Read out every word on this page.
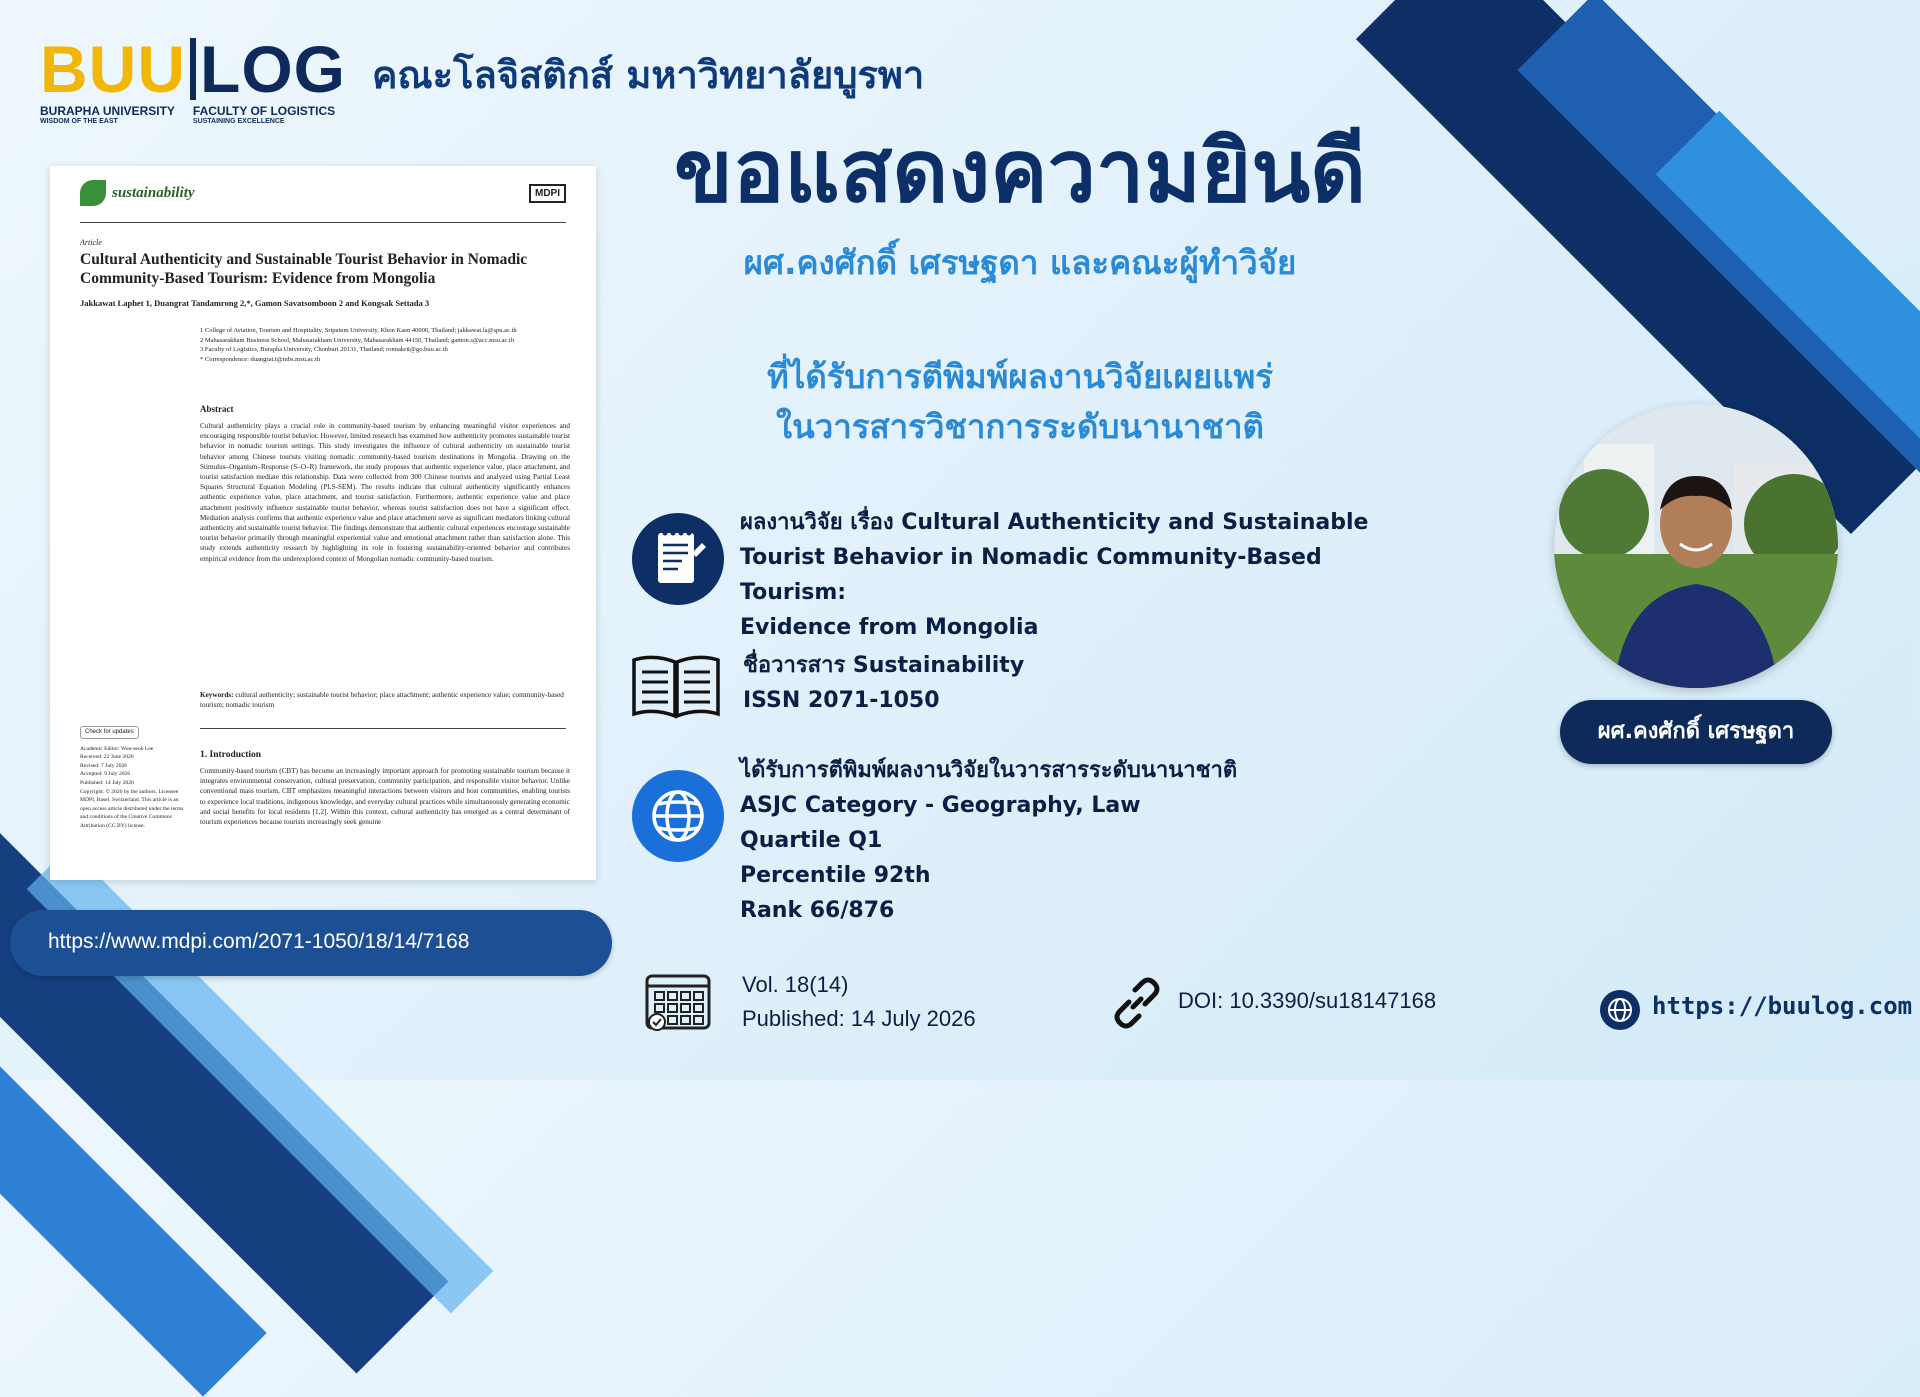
BUU LOG
BURAPHA UNIVERSITY
WISDOM OF THE EAST
FACULTY OF LOGISTICS
SUSTAINING EXCELLENCE
คณะโลจิสติกส์ มหาวิทยาลัยบูรพา
sustainability	MDPI
Article
Cultural Authenticity and Sustainable Tourist Behavior in Nomadic Community-Based Tourism: Evidence from Mongolia
Jakkawat Laphet 1, Duangrat Tandamrong 2,*, Gamon Savatsomboon 2 and Kongsak Settada 3
1 College of Aviation, Tourism and Hospitality, Sripatum University, Khon Kaen 40000, Thailand; jakkawat.la@spu.ac.th
2 Mahasarakham Business School, Mahasarakham University, Mahasarakham 44150, Thailand; gamon.s@acc.msu.ac.th
3 Faculty of Logistics, Burapha University, Chonburi 20131, Thailand; ronnakrit@go.buu.ac.th
* Correspondence: duangrat.t@mbs.msu.ac.th
Abstract
Cultural authenticity plays a crucial role in community-based tourism by enhancing meaningful visitor experiences and encouraging responsible tourist behavior. However, limited research has examined how authenticity promotes sustainable tourist behavior in nomadic tourism settings. This study investigates the influence of cultural authenticity on sustainable tourist behavior among Chinese tourists visiting nomadic community-based tourism destinations in Mongolia. Drawing on the Stimulus–Organism–Response (S–O–R) framework, the study proposes that authentic experience value, place attachment, and tourist satisfaction mediate this relationship. Data were collected from 300 Chinese tourists and analyzed using Partial Least Squares Structural Equation Modeling (PLS-SEM). The results indicate that cultural authenticity significantly enhances authentic experience value, place attachment, and tourist satisfaction. Furthermore, authentic experience value and place attachment positively influence sustainable tourist behavior, whereas tourist satisfaction does not have a significant effect. Mediation analysis confirms that authentic experience value and place attachment serve as significant mediators linking cultural authenticity and sustainable tourist behavior. The findings demonstrate that authentic cultural experiences encourage sustainable tourist behavior primarily through meaningful experiential value and emotional attachment rather than satisfaction alone. This study extends authenticity research by highlighting its role in fostering sustainability-oriented behavior and contributes empirical evidence from the underexplored context of Mongolian nomadic community-based tourism.
Keywords: cultural authenticity; sustainable tourist behavior; place attachment; authentic experience value; community-based tourism; nomadic tourism
Check for updates
Academic Editor: Won-seok Lee
Received: 22 June 2026
Revised: 7 July 2026
Accepted: 9 July 2026
Published: 14 July 2026
Copyright: © 2026 by the authors. Licensee MDPI, Basel, Switzerland. This article is an open access article distributed under the terms and conditions of the Creative Commons Attribution (CC BY) license.
1. Introduction
Community-based tourism (CBT) has become an increasingly important approach for promoting sustainable tourism because it integrates environmental conservation, cultural preservation, community participation, and responsible visitor behavior. Unlike conventional mass tourism, CBT emphasizes meaningful interactions between visitors and host communities, enabling tourists to experience local traditions, indigenous knowledge, and everyday cultural practices while simultaneously generating economic and social benefits for local residents [1,2]. Within this context, cultural authenticity has emerged as a central determinant of tourism experiences because tourists increasingly seek genuine
https://www.mdpi.com/2071-1050/18/14/7168
ขอแสดงความยินดี
ผศ.คงศักดิ์ เศรษฐดา และคณะผู้ทำวิจัย
ที่ได้รับการตีพิมพ์ผลงานวิจัยเผยแพร่
ในวารสารวิชาการระดับนานาชาติ
ผลงานวิจัย เรื่อง Cultural Authenticity and Sustainable
Tourist Behavior in Nomadic Community-Based Tourism:
Evidence from Mongolia
ชื่อวารสาร Sustainability
ISSN 2071-1050
ได้รับการตีพิมพ์ผลงานวิจัยในวารสารระดับนานาชาติ
ASJC Category - Geography, Law
Quartile Q1
Percentile 92th
Rank 66/876
Vol. 18(14)
Published: 14 July 2026
DOI: 10.3390/su18147168	https://buulog.com
ผศ.คงศักดิ์ เศรษฐดา
